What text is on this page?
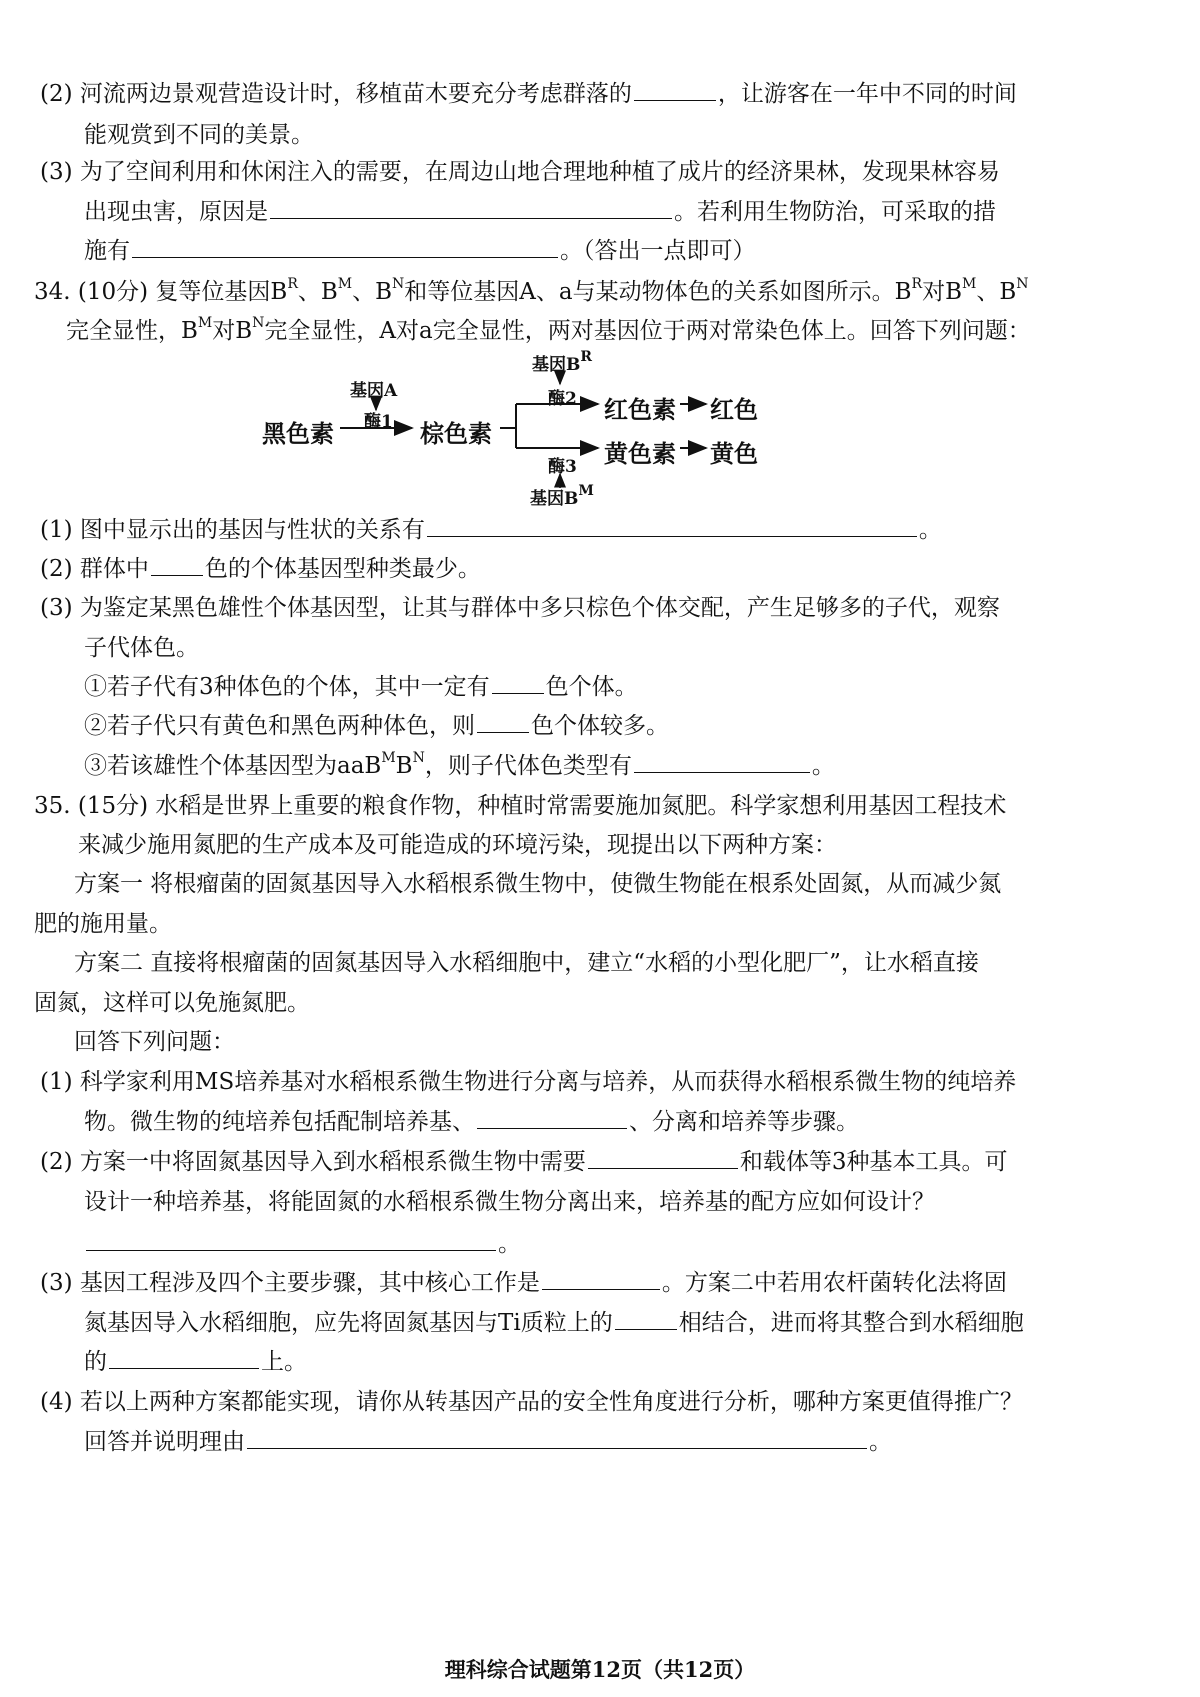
(2) 河流两边景观营造设计时，移植苗木要充分考虑群落的	，让游客在一年中不同的时间
能观赏到不同的美景。
(3) 为了空间利用和休闲注入的需要，在周边山地合理地种植了成片的经济果林，发现果林容易
出现虫害，原因是	。若利用生物防治，可采取的措
施有	。（答出一点即可）
34. (10分) 复等位基因$B^R$、$B^M$、$B^N$和等位基因A、a与某动物体色的关系如图所示。$B^R$对$B^M$、$B^N$
完全显性，$B^M$对$B^N$完全显性，A对a完全显性，两对基因位于两对常染色体上。回答下列问题：
基因A
酶1
黑色素	棕色素
基因$B^R$
酶2 红色素 红色
黄色素 黄色
酶3
基因$B^M$
(1) 图中显示出的基因与性状的关系有	。
(2) 群体中 色的个体基因型种类最少。
(3) 为鉴定某黑色雄性个体基因型，让其与群体中多只棕色个体交配，产生足够多的子代，观察
子代体色。
①若子代有3种体色的个体，其中一定有 色个体。
②若子代只有黄色和黑色两种体色，则 色个体较多。
③若该雄性个体基因型为$aaB^MB^N$，则子代体色类型有	。
35. (15分) 水稻是世界上重要的粮食作物，种植时常需要施加氮肥。科学家想利用基因工程技术
来减少施用氮肥的生产成本及可能造成的环境污染，现提出以下两种方案：
方案一 将根瘤菌的固氮基因导入水稻根系微生物中，使微生物能在根系处固氮，从而减少氮
肥的施用量。
方案二 直接将根瘤菌的固氮基因导入水稻细胞中，建立“水稻的小型化肥厂”，让水稻直接
固氮，这样可以免施氮肥。
回答下列问题：
(1) 科学家利用MS培养基对水稻根系微生物进行分离与培养，从而获得水稻根系微生物的纯培养
物。微生物的纯培养包括配制培养基、	、分离和培养等步骤。
(2) 方案一中将固氮基因导入到水稻根系微生物中需要	和载体等3种基本工具。可
设计一种培养基，将能固氮的水稻根系微生物分离出来，培养基的配方应如何设计？
。
(3) 基因工程涉及四个主要步骤，其中核心工作是	。方案二中若用农杆菌转化法将固
氮基因导入水稻细胞，应先将固氮基因与Ti质粒上的	相结合，进而将其整合到水稻细胞
的	上。
(4) 若以上两种方案都能实现，请你从转基因产品的安全性角度进行分析，哪种方案更值得推广？
回答并说明理由	。
理科综合试题第12页（共12页）
